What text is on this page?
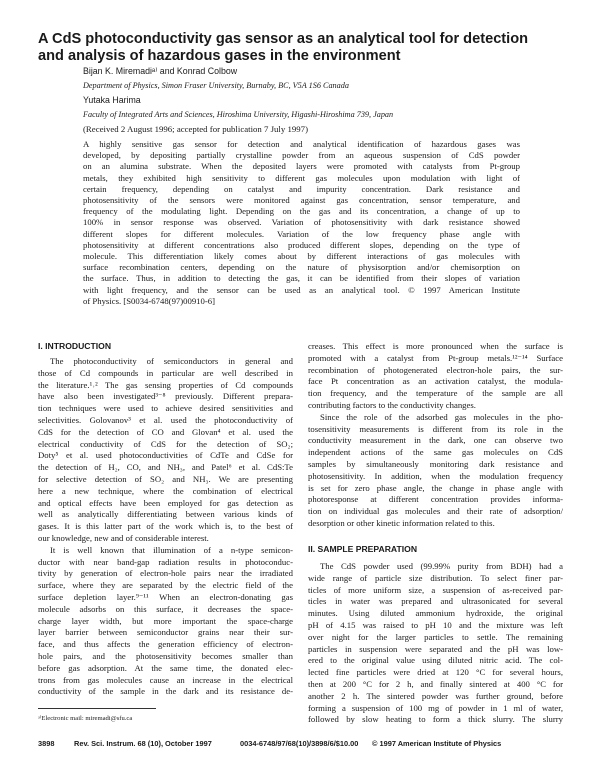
A CdS photoconductivity gas sensor as an analytical tool for detection
and analysis of hazardous gases in the environment
Bijan K. Miremadiᵃ⁾ and Konrad Colbow
Department of Physics, Simon Fraser University, Burnaby, BC, V5A 1S6 Canada
Yutaka Harima
Faculty of Integrated Arts and Sciences, Hiroshima University, Higashi-Hiroshima 739, Japan
(Received 2 August 1996; accepted for publication 7 July 1997)
A highly sensitive gas sensor for detection and analytical identification of hazardous gases was
developed, by depositing partially crystalline powder from an aqueous suspension of CdS powder
on an alumina substrate. When the deposited layers were promoted with catalysts from Pt-group
metals, they exhibited high sensitivity to different gas molecules upon modulation with light of
certain frequency, depending on catalyst and impurity concentration. Dark resistance and
photosensitivity of the sensors were monitored against gas concentration, sensor temperature, and
frequency of the modulating light. Depending on the gas and its concentration, a change of up to
100% in sensor response was observed. Variation of photosensitivity with dark resistance showed
different slopes for different molecules. Variation of the low frequency phase angle with
photosensitivity at different concentrations also produced different slopes, depending on the type of
molecule. This differentiation likely comes about by different interactions of gas molecules with
surface recombination centers, depending on the nature of physisorption and/or chemisorption on
the surface. Thus, in addition to detecting the gas, it can be identified from their slopes of variation
with light frequency, and the sensor can be used as an analytical tool. © 1997 American Institute
of Physics. [S0034-6748(97)00910-6]
I. INTRODUCTION
The photoconductivity of semiconductors in general and
those of Cd compounds in particular are well described in
the literature.¹˒² The gas sensing properties of Cd compounds
have also been investigated³⁻⁸ previously. Different prepara-
tion techniques were used to achieve desired sensitivities and
selectivities. Golovanov³ et al. used the photoconductivity of
CdS for the detection of CO and Glovan⁴ et al. used the
electrical conductivity of CdS for the detection of SO₂;
Doty⁵ et al. used photoconductivities of CdTe and CdSe for
the detection of H₂, CO, and NH₃, and Patel⁶ et al. CdS:Te
for selective detection of SO₂ and NH₃. We are presenting
here a new technique, where the combination of electrical
and optical effects have been employed for gas detection as
well as analytically differentiating between various kinds of
gases. It is this latter part of the work which is, to the best of
our knowledge, new and of considerable interest.
It is well known that illumination of a n-type semicon-
ductor with near band-gap radiation results in photoconduc-
tivity by generation of electron-hole pairs near the irradiated
surface, where they are separated by the electric field of the
surface depletion layer.⁹⁻¹¹ When an electron-donating gas
molecule adsorbs on this surface, it decreases the space-
charge layer width, but more important the space-charge
layer barrier between semiconductor grains near their sur-
face, and thus affects the generation efficiency of electron-
hole pairs, and the photosensitivity becomes smaller than
before gas adsorption. At the same time, the donated elec-
trons from gas molecules cause an increase in the electrical
conductivity of the sample in the dark and its resistance de-
creases. This effect is more pronounced when the surface is
promoted with a catalyst from Pt-group metals.¹²⁻¹⁴ Surface
recombination of photogenerated electron-hole pairs, the sur-
face Pt concentration as an activation catalyst, the modula-
tion frequency, and the temperature of the sample are all
contributing factors to the conductivity changes.
Since the role of the adsorbed gas molecules in the pho-
tosensitivity measurements is different from its role in the
conductivity measurement in the dark, one can observe two
independent actions of the same gas molecules on CdS
samples by simultaneously monitoring dark resistance and
photosensitivity. In addition, when the modulation frequency
is set for zero phase angle, the change in phase angle with
photoresponse at different concentration provides informa-
tion on individual gas molecules and their rate of adsorption/
desorption or other kinetic information related to this.
II. SAMPLE PREPARATION
The CdS powder used (99.99% purity from BDH) had a
wide range of particle size distribution. To select finer par-
ticles of more uniform size, a suspension of as-received par-
ticles in water was prepared and ultrasonicated for several
minutes. Using diluted ammonium hydroxide, the original
pH of 4.15 was raised to pH 10 and the mixture was left
over night for the larger particles to settle. The remaining
particles in suspension were separated and the pH was low-
ered to the original value using diluted nitric acid. The col-
lected fine particles were dried at 120 °C for several hours,
then at 200 °C for 2 h, and finally sintered at 400 °C for
another 2 h. The sintered powder was further ground, before
forming a suspension of 100 mg of powder in 1 ml of water,
followed by slow heating to form a thick slurry. The slurry
ᵃ⁾Electronic mail: miremadi@sfu.ca
3898	Rev. Sci. Instrum. 68 (10), October 1997	0034-6748/97/68(10)/3898/6/$10.00 © 1997 American Institute of Physics
